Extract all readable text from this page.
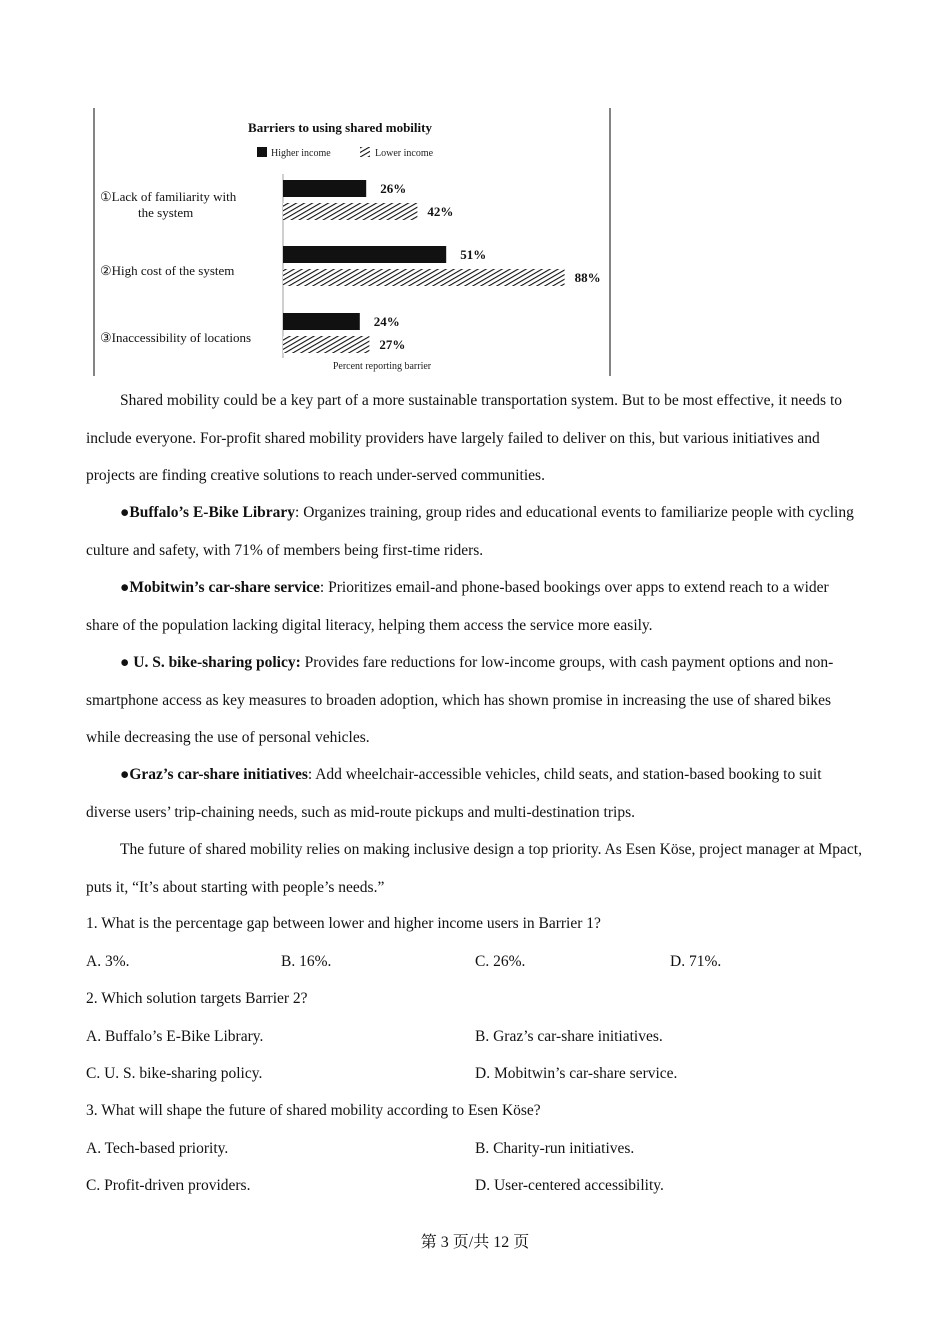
Barriers to using shared mobility
Higher income	Lower income
①Lack of familiarity with the system
26%
42%
②High cost of the system
51%
88%
③Inaccessibility of locations
24%
27%
Percent reporting barrier

Shared mobility could be a key part of a more sustainable transportation system. But to be most effective, it needs to include everyone. For-profit shared mobility providers have largely failed to deliver on this, but various initiatives and projects are finding creative solutions to reach under-served communities.

●Buffalo’s E-Bike Library: Organizes training, group rides and educational events to familiarize people with cycling culture and safety, with 71% of members being first-time riders.

●Mobitwin’s car-share service: Prioritizes email-and phone-based bookings over apps to extend reach to a wider share of the population lacking digital literacy, helping them access the service more easily.

● U. S. bike-sharing policy: Provides fare reductions for low-income groups, with cash payment options and non-smartphone access as key measures to broaden adoption, which has shown promise in increasing the use of shared bikes while decreasing the use of personal vehicles.

●Graz’s car-share initiatives: Add wheelchair-accessible vehicles, child seats, and station-based booking to suit diverse users’ trip-chaining needs, such as mid-route pickups and multi-destination trips.

The future of shared mobility relies on making inclusive design a top priority. As Esen Köse, project manager at Mpact, puts it, “It’s about starting with people’s needs.”

1. What is the percentage gap between lower and higher income users in Barrier 1?

A. 3%.	B. 16%.	C. 26%.	D. 71%.

2. Which solution targets Barrier 2?

A. Buffalo’s E-Bike Library.	B. Graz’s car-share initiatives.
C. U. S. bike-sharing policy.	D. Mobitwin’s car-share service.

3. What will shape the future of shared mobility according to Esen Köse?

A. Tech-based priority.	B. Charity-run initiatives.
C. Profit-driven providers.	D. User-centered accessibility.
第 3 页/共 12 页
